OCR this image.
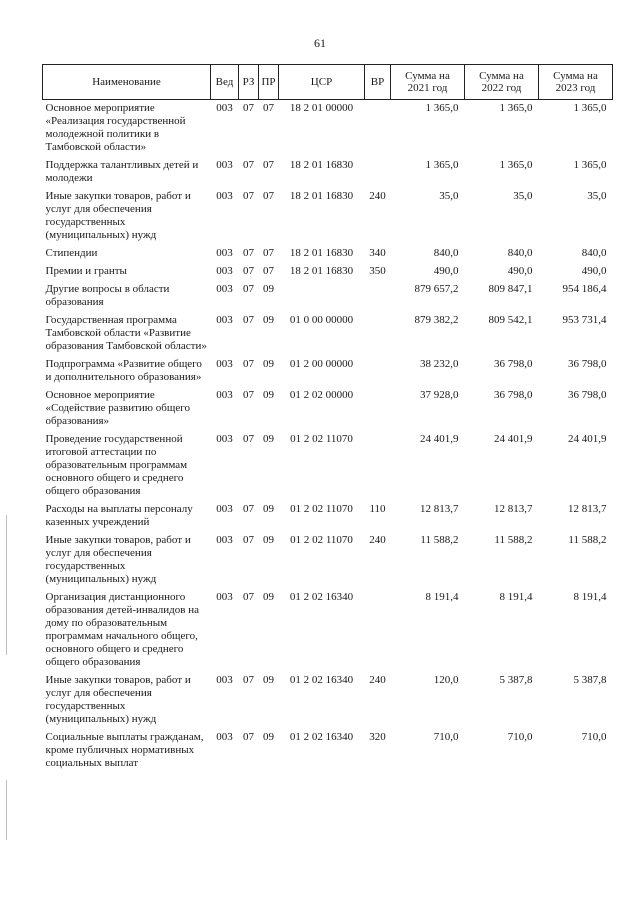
61
Наименование	Вед	РЗ	ПР	ЦСР	ВР	Сумма на 2021 год	Сумма на 2022 год	Сумма на 2023 год
Основное мероприятие «Реализация государственной молодежной политики в Тамбовской области»	003	07	07	18 2 01 00000		1 365,0	1 365,0	1 365,0
Поддержка талантливых детей и молодежи	003	07	07	18 2 01 16830		1 365,0	1 365,0	1 365,0
Иные закупки товаров, работ и услуг для обеспечения государственных (муниципальных) нужд	003	07	07	18 2 01 16830	240	35,0	35,0	35,0
Стипендии	003	07	07	18 2 01 16830	340	840,0	840,0	840,0
Премии и гранты	003	07	07	18 2 01 16830	350	490,0	490,0	490,0
Другие вопросы в области образования	003	07	09			879 657,2	809 847,1	954 186,4
Государственная программа Тамбовской области «Развитие образования Тамбовской области»	003	07	09	01 0 00 00000		879 382,2	809 542,1	953 731,4
Подпрограмма «Развитие общего и дополнительного образования»	003	07	09	01 2 00 00000		38 232,0	36 798,0	36 798,0
Основное мероприятие «Содействие развитию общего образования»	003	07	09	01 2 02 00000		37 928,0	36 798,0	36 798,0
Проведение государственной итоговой аттестации по образовательным программам основного общего и среднего общего образования	003	07	09	01 2 02 11070		24 401,9	24 401,9	24 401,9
Расходы на выплаты персоналу казенных учреждений	003	07	09	01 2 02 11070	110	12 813,7	12 813,7	12 813,7
Иные закупки товаров, работ и услуг для обеспечения государственных (муниципальных) нужд	003	07	09	01 2 02 11070	240	11 588,2	11 588,2	11 588,2
Организация дистанционного образования детей-инвалидов на дому по образовательным программам начального общего, основного общего и среднего общего образования	003	07	09	01 2 02 16340		8 191,4	8 191,4	8 191,4
Иные закупки товаров, работ и услуг для обеспечения государственных (муниципальных) нужд	003	07	09	01 2 02 16340	240	120,0	5 387,8	5 387,8
Социальные выплаты гражданам, кроме публичных нормативных социальных выплат	003	07	09	01 2 02 16340	320	710,0	710,0	710,0
